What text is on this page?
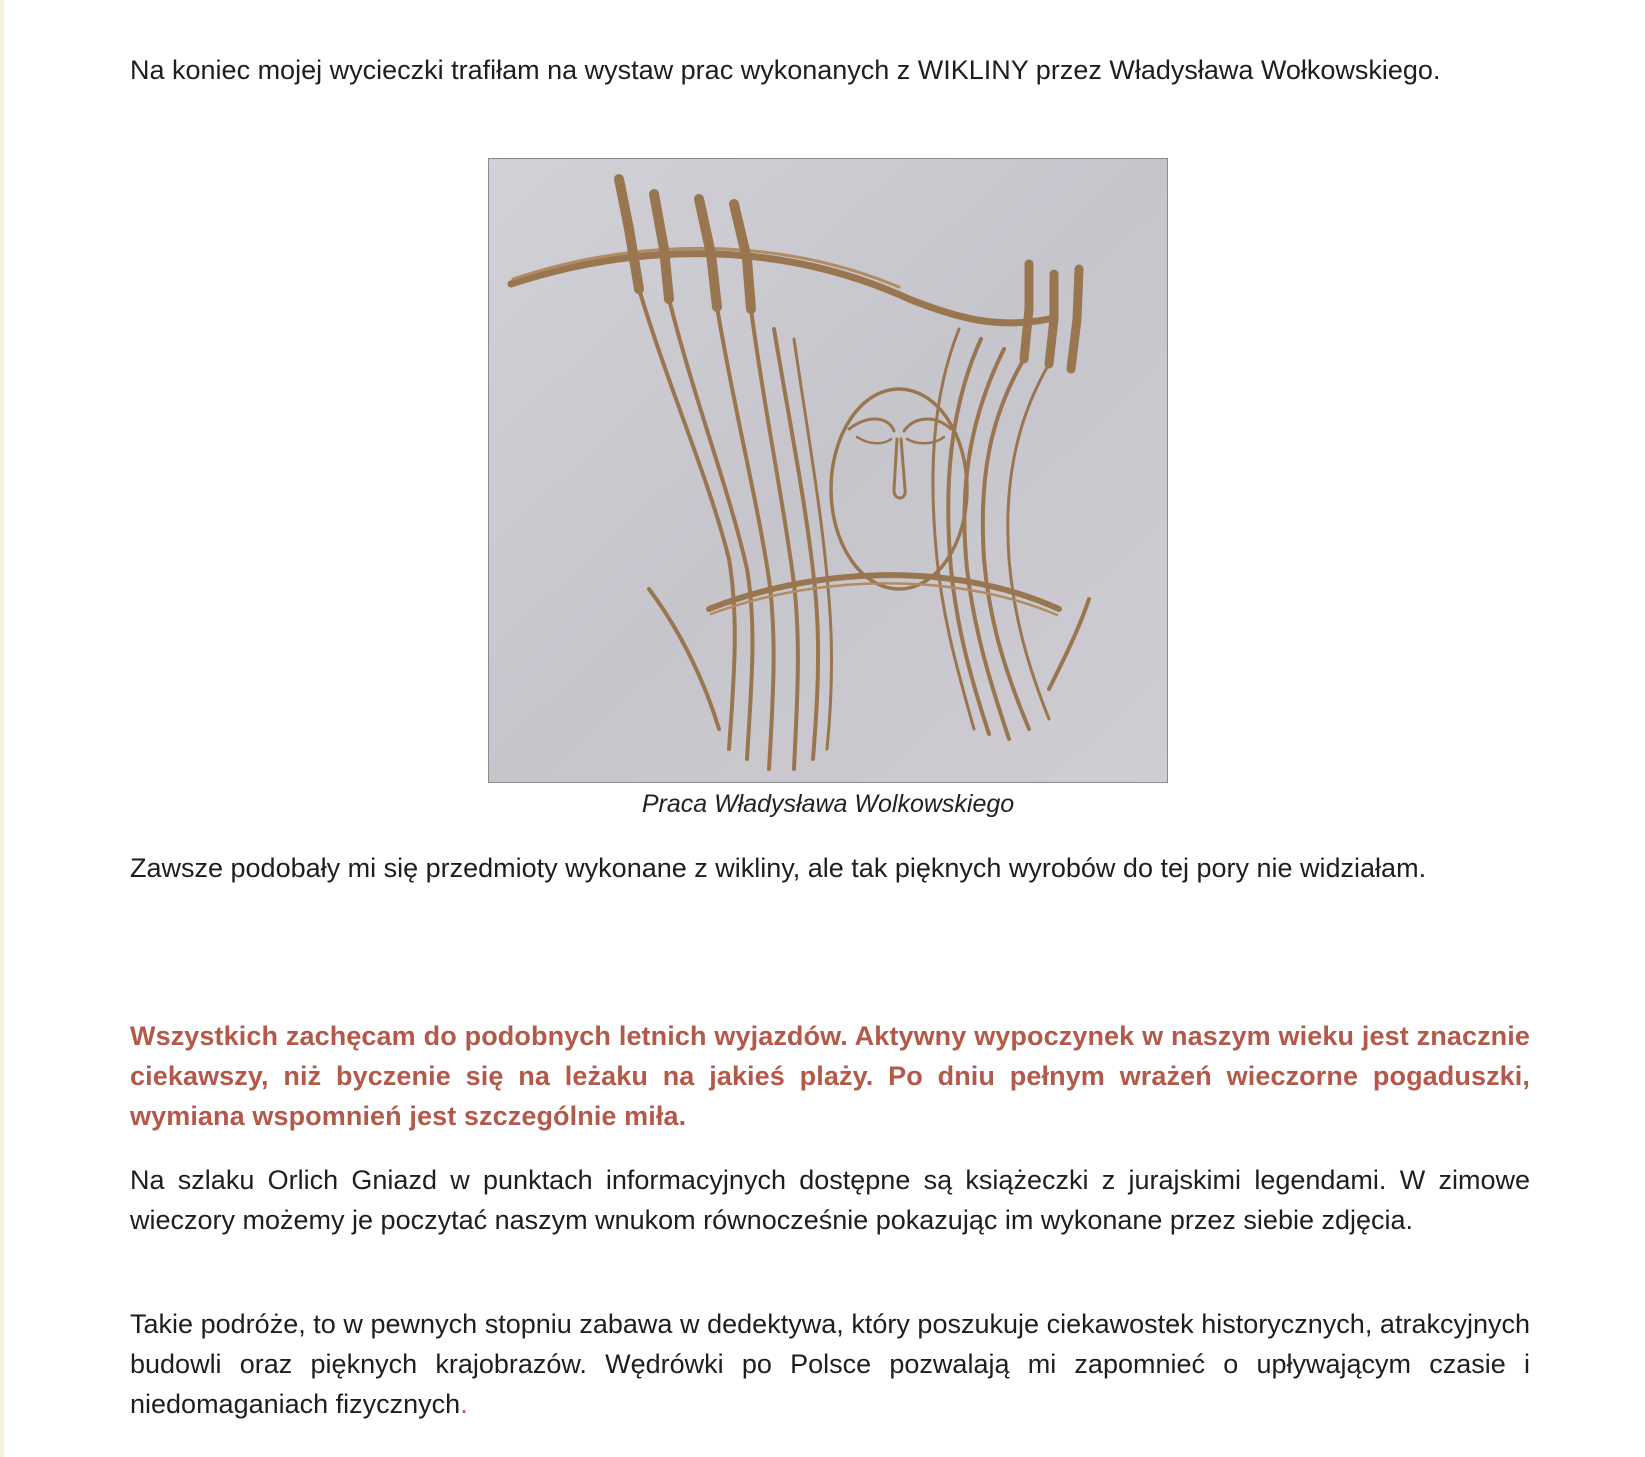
Na koniec mojej wycieczki trafiłam na wystaw prac wykonanych z WIKLINY przez Władysława Wołkowskiego.

Praca Władysława Wolkowskiego

Zawsze podobały mi się przedmioty wykonane z wikliny, ale tak pięknych wyrobów do tej pory nie widziałam.

Wszystkich zachęcam do podobnych letnich wyjazdów. Aktywny wypoczynek w naszym wieku jest znacznie ciekawszy, niż byczenie się na leżaku na jakieś plaży. Po dniu pełnym wrażeń wieczorne pogaduszki, wymiana wspomnień jest szczególnie miła.

Na szlaku Orlich Gniazd w punktach informacyjnych dostępne są książeczki z jurajskimi legendami. W zimowe wieczory możemy je poczytać naszym wnukom równocześnie pokazując im wykonane przez siebie zdjęcia.

Takie podróże, to w pewnych stopniu zabawa w dedektywa, który poszukuje ciekawostek historycznych, atrakcyjnych budowli oraz pięknych krajobrazów. Wędrówki po Polsce pozwalają mi zapomnieć o upływającym czasie i niedomaganiach fizycznych.
